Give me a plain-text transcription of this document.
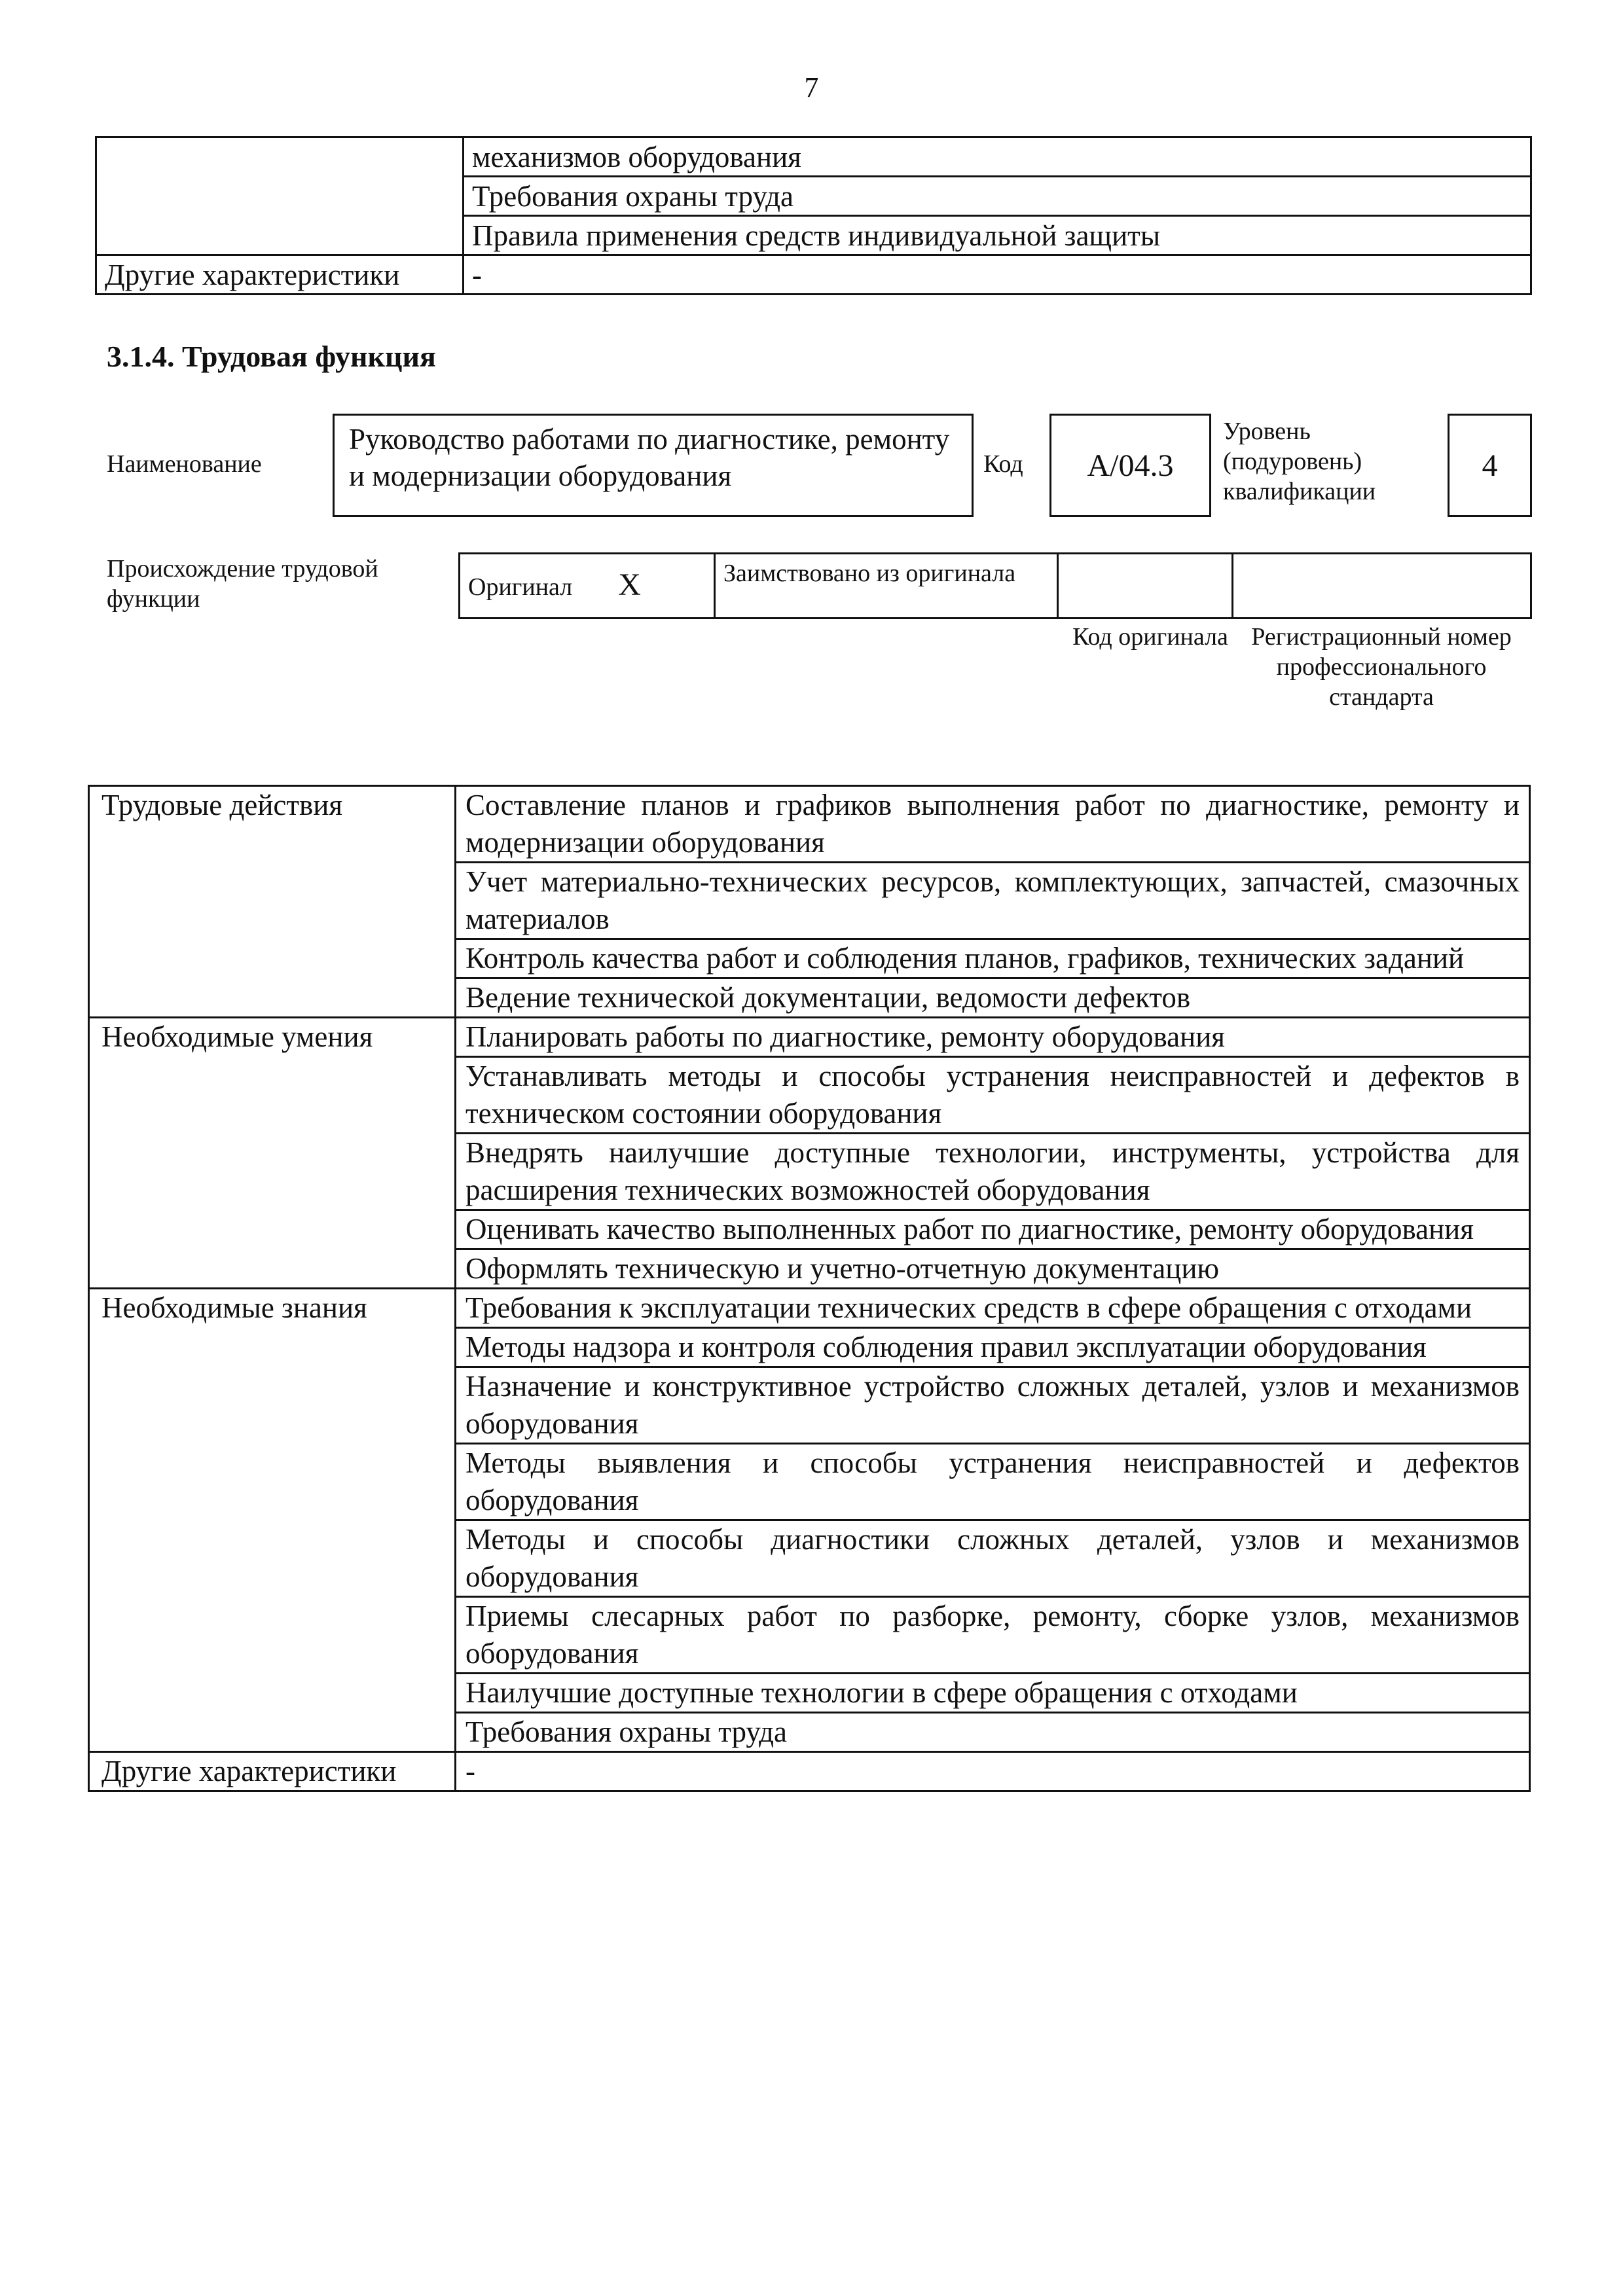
7
	механизмов оборудования
	Требования охраны труда
	Правила применения средств индивидуальной защиты
Другие характеристики	-
3.1.4. Трудовая функция
Наименование
Руководство работами по диагностике, ремонту и модернизации оборудования	Код	A/04.3
Уровень (подуровень) квалификации
4
Происхождение трудовой функции	Оригинал X	Заимствовано из оригинала		
Код оригинала Регистрационный номер профессионального стандарта
Трудовые действия	Составление планов и графиков выполнения работ по диагностике, ремонту и модернизации оборудования
	Учет материально-технических ресурсов, комплектующих, запчастей, смазочных материалов
	Контроль качества работ и соблюдения планов, графиков, технических заданий
	Ведение технической документации, ведомости дефектов
Необходимые умения	Планировать работы по диагностике, ремонту оборудования
	Устанавливать методы и способы устранения неисправностей и дефектов в техническом состоянии оборудования
	Внедрять наилучшие доступные технологии, инструменты, устройства для расширения технических возможностей оборудования
	Оценивать качество выполненных работ по диагностике, ремонту оборудования
	Оформлять техническую и учетно-отчетную документацию
Необходимые знания	Требования к эксплуатации технических средств в сфере обращения с отходами
	Методы надзора и контроля соблюдения правил эксплуатации оборудования
	Назначение и конструктивное устройство сложных деталей, узлов и механизмов оборудования
	Методы выявления и способы устранения неисправностей и дефектов оборудования
	Методы и способы диагностики сложных деталей, узлов и механизмов оборудования
	Приемы слесарных работ по разборке, ремонту, сборке узлов, механизмов оборудования
	Наилучшие доступные технологии в сфере обращения с отходами
	Требования охраны труда
Другие характеристики	-
